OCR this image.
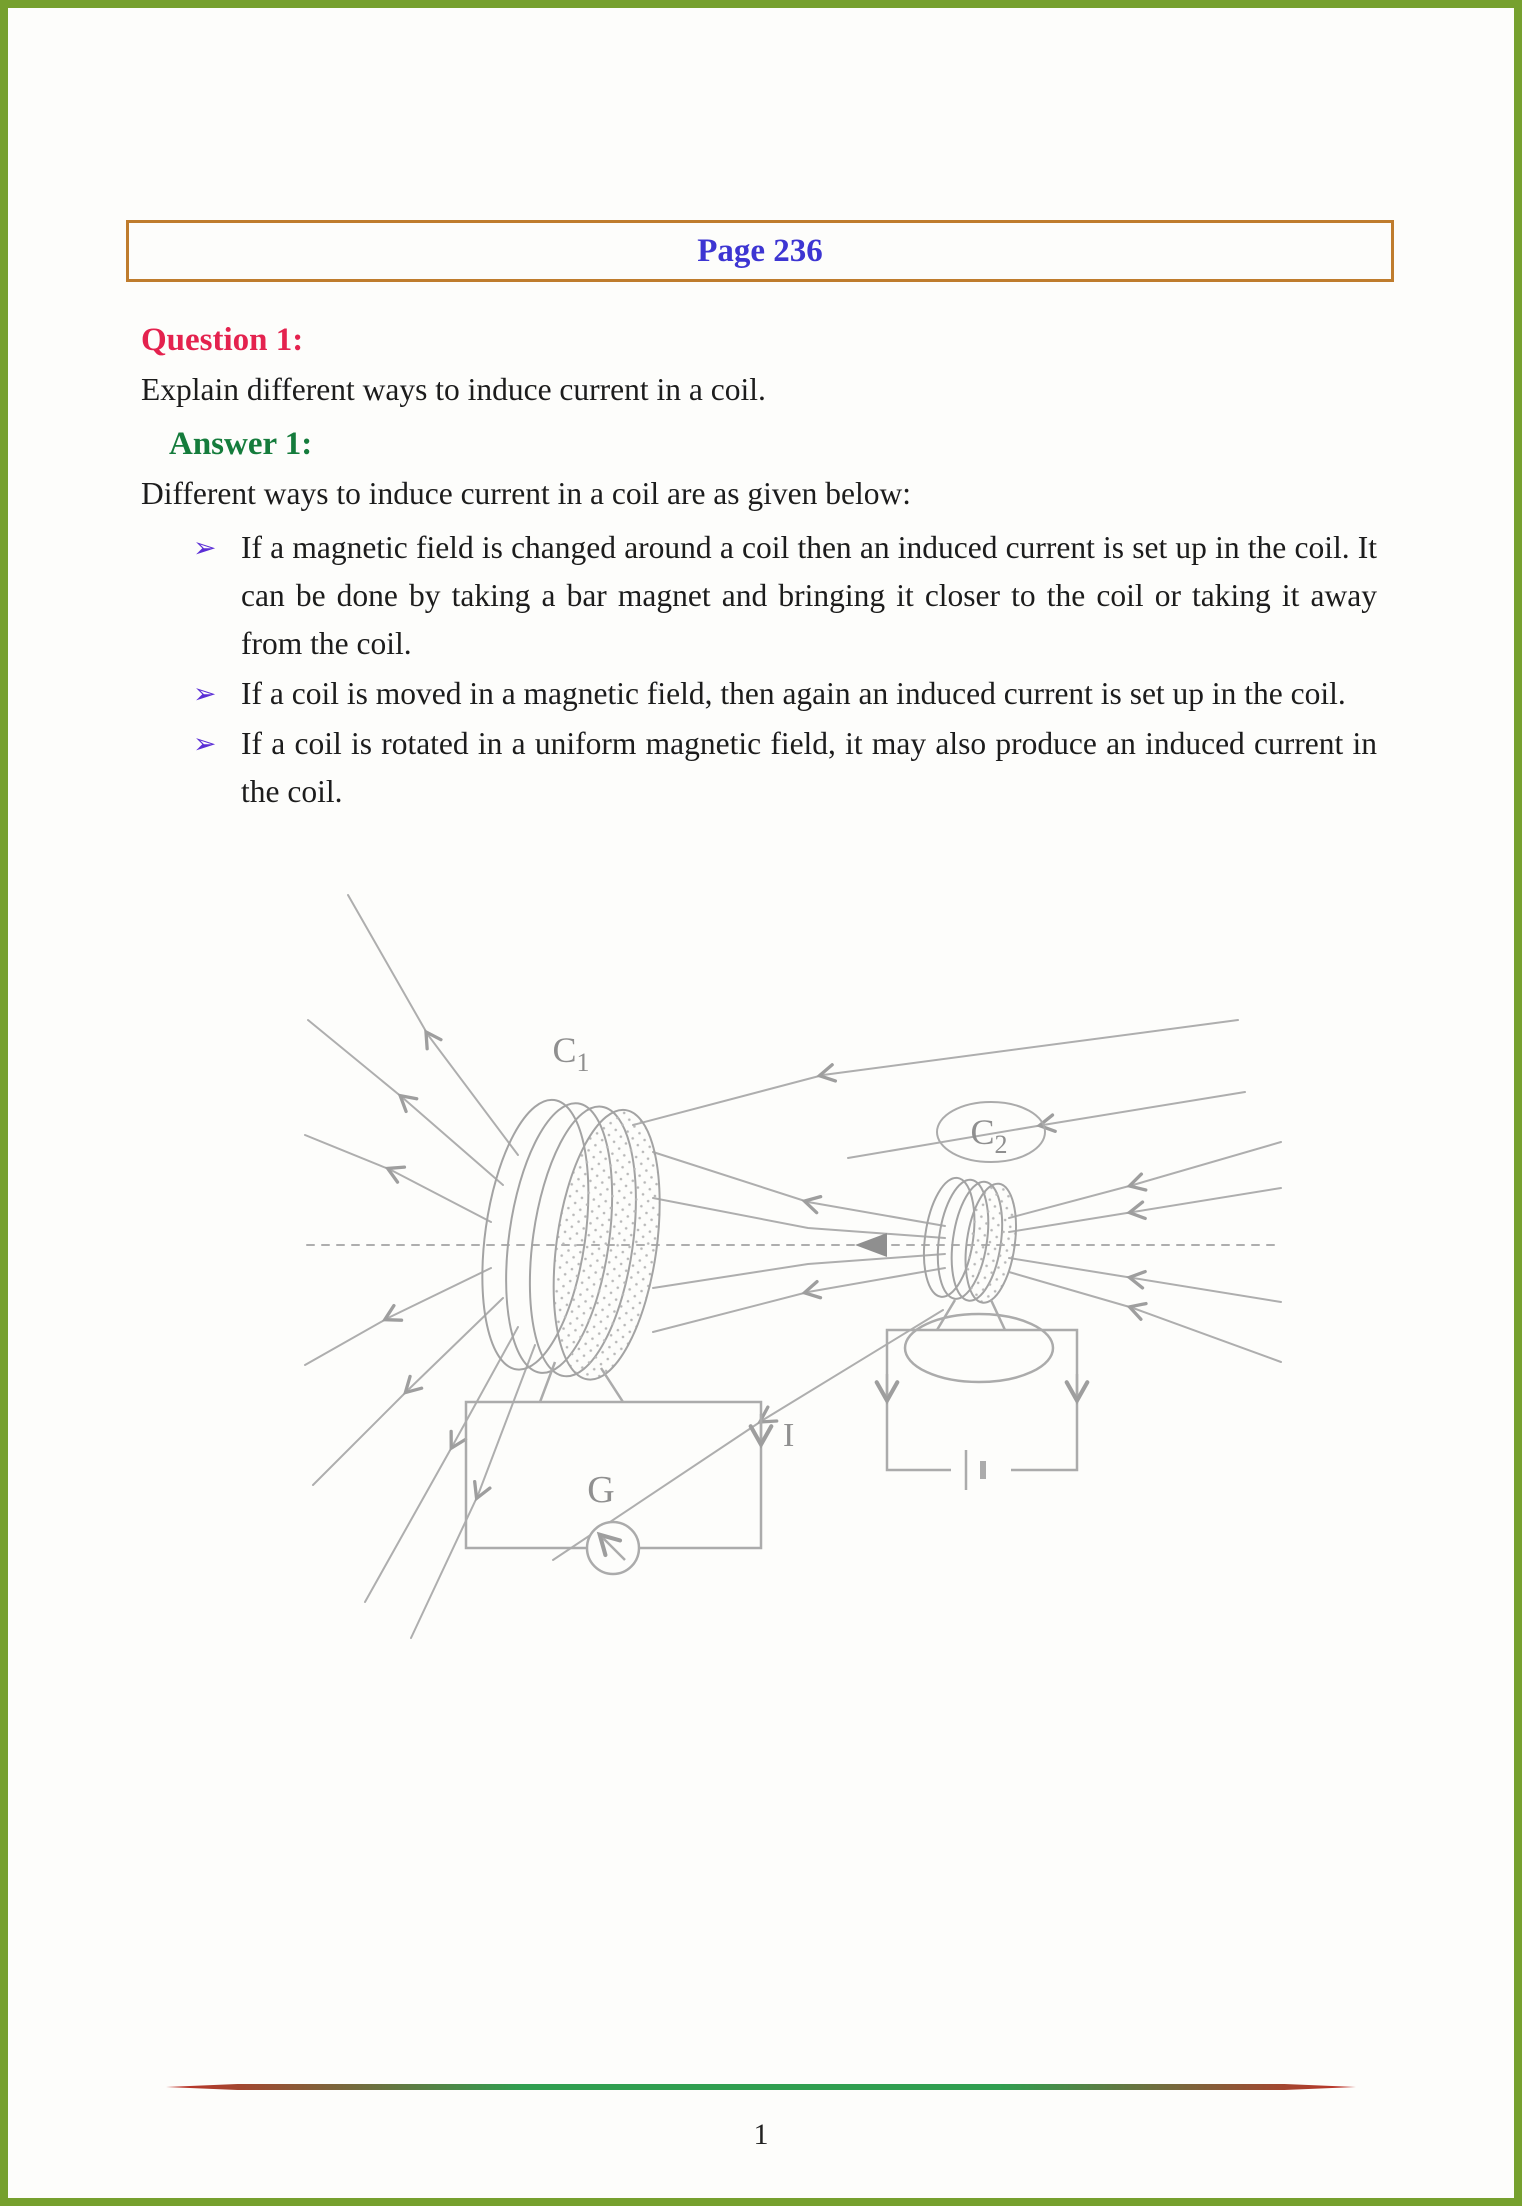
Page 236
Question 1:
Explain different ways to induce current in a coil.
Answer 1:
Different ways to induce current in a coil are as given below:
➢ If a magnetic field is changed around a coil then an induced current is set up in the coil. It can be done by taking a bar magnet and bringing it closer to the coil or taking it away from the coil.

➢ If a coil is moved in a magnetic field, then again an induced current is set up in the coil.

➢ If a coil is rotated in a uniform magnetic field, it may also produce an induced current in the coil.

$C_1$
$C_2$
G
I
1
